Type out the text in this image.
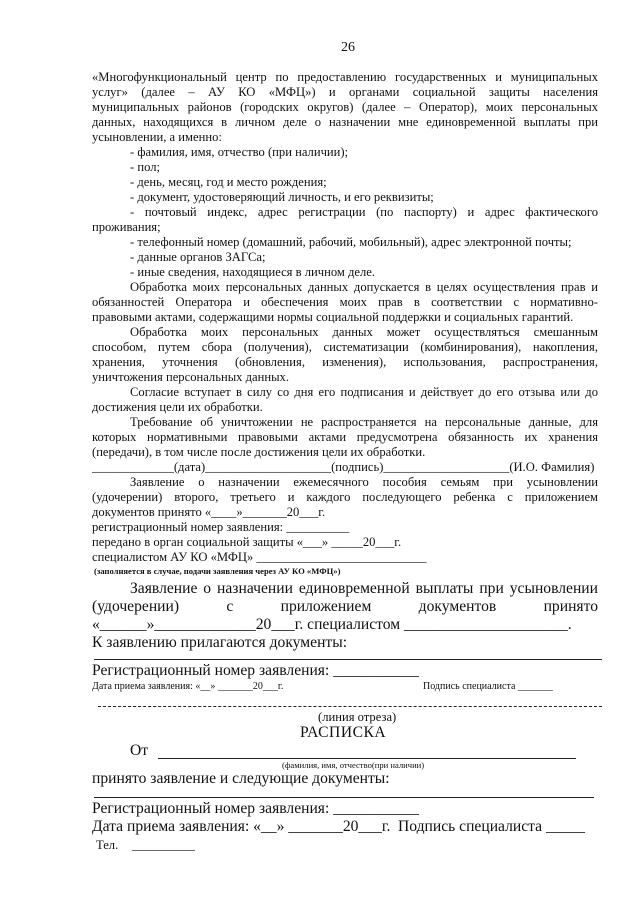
26
«Многофункциональный центр по предоставлению государственных и муниципальных
услуг» (далее – АУ КО «МФЦ») и органами социальной защиты населения
муниципальных районов (городских округов) (далее – Оператор), моих персональных
данных, находящихся в личном деле о назначении мне единовременной выплаты при
усыновлении, а именно:
- фамилия, имя, отчество (при наличии);
- пол;
- день, месяц, год и место рождения;
- документ, удостоверяющий личность, и его реквизиты;
- почтовый индекс, адрес регистрации (по паспорту) и адрес фактического
проживания;
- телефонный номер (домашний, рабочий, мобильный), адрес электронной почты;
- данные органов ЗАГСа;
- иные сведения, находящиеся в личном деле.
Обработка моих персональных данных допускается в целях осуществления прав и
обязанностей Оператора и обеспечения моих прав в соответствии с нормативно-
правовыми актами, содержащими нормы социальной поддержки и социальных гарантий.
Обработка моих персональных данных может осуществляться смешанным
способом, путем сбора (получения), систематизации (комбинирования), накопления,
хранения, уточнения (обновления, изменения), использования, распространения,
уничтожения персональных данных.
Согласие вступает в силу со дня его подписания и действует до его отзыва или до
достижения цели их обработки.
Требование об уничтожении не распространяется на персональные данные, для
которых нормативными правовыми актами предусмотрена обязанность их хранения
(передачи), в том числе после достижения цели их обработки.
_____________(дата)____________________(подпись)____________________(И.О. Фамилия)
Заявление о назначении ежемесячного пособия семьям при усыновлении
(удочерении) второго, третьего и каждого последующего ребенка с приложением
документов принято «____»_______20___г.
регистрационный номер заявления: __________
передано в орган социальной защиты «___» _____20___г.
специалистом АУ КО «МФЦ» ___________________________
(заполняется в случае, подачи заявления через АУ КО «МФЦ»)
Заявление о назначении единовременной выплаты при усыновлении
(удочерении) с приложением документов принято
«______»_____________20___г. специалистом _____________________.
К заявлению прилагаются документы:
Регистрационный номер заявления: ___________
Дата приема заявления: «__» _______20___г.	Подпись специалиста _______
(линия отреза)
РАСПИСКА
От
(фамилия, имя, отчество(при наличии)
принято заявление и следующие документы:
Регистрационный номер заявления: ___________
Дата приема заявления: «__» _______20___г. Подпись специалиста _____
Тел. __________
